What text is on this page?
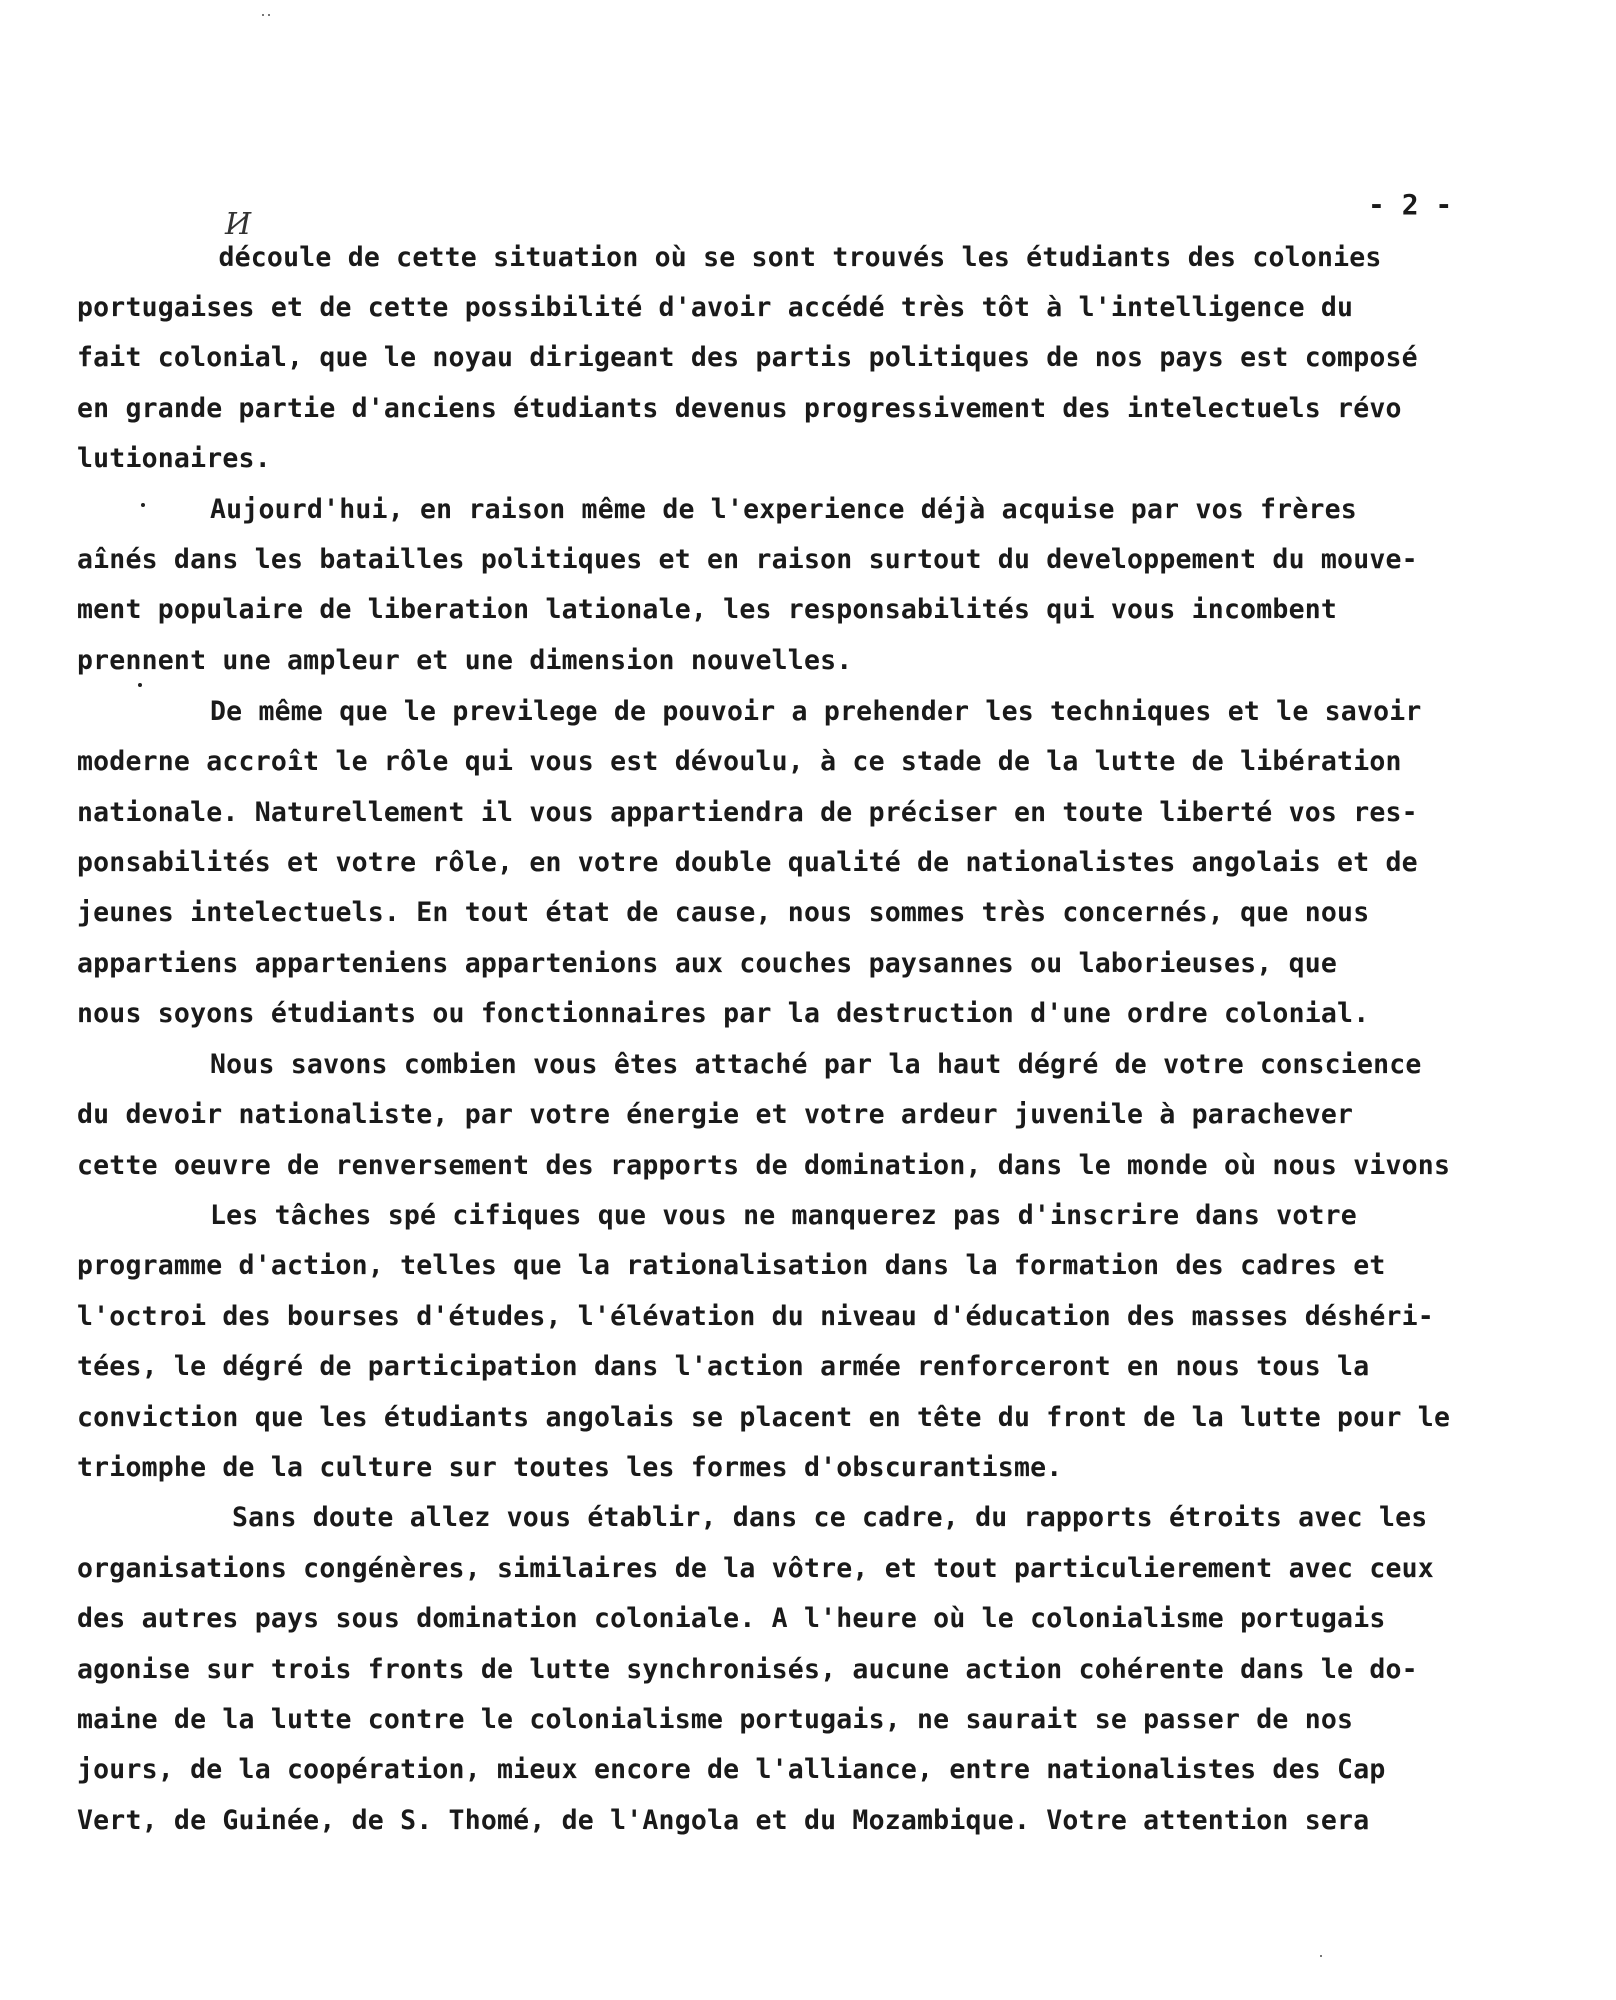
- 2 -
И
découle de cette situation où se sont trouvés les étudiants des colonies
portugaises et de cette possibilité d'avoir accédé très tôt à l'intelligence du
fait colonial, que le noyau dirigeant des partis politiques de nos pays est composé
en grande partie d'anciens étudiants devenus progressivement des intelectuels révo
lutionaires.
Aujourd'hui, en raison même de l'experience déjà acquise par vos frères
aînés dans les batailles politiques et en raison surtout du developpement du mouve-
ment populaire de liberation lationale, les responsabilités qui vous incombent
prennent une ampleur et une dimension nouvelles.
De même que le previlege de pouvoir a prehender les techniques et le savoir
moderne accroît le rôle qui vous est dévoulu, à ce stade de la lutte de libération
nationale. Naturellement il vous appartiendra de préciser en toute liberté vos res-
ponsabilités et votre rôle, en votre double qualité de nationalistes angolais et de
jeunes intelectuels. En tout état de cause, nous sommes très concernés, que nous
appartiens apparteniens appartenions aux couches paysannes ou laborieuses, que
nous soyons étudiants ou fonctionnaires par la destruction d'une ordre colonial.
Nous savons combien vous êtes attaché par la haut dégré de votre conscience
du devoir nationaliste, par votre énergie et votre ardeur juvenile à parachever
cette oeuvre de renversement des rapports de domination, dans le monde où nous vivons
Les tâches spé cifiques que vous ne manquerez pas d'inscrire dans votre
programme d'action, telles que la rationalisation dans la formation des cadres et
l'octroi des bourses d'études, l'élévation du niveau d'éducation des masses déshéri-
tées, le dégré de participation dans l'action armée renforceront en nous tous la
conviction que les étudiants angolais se placent en tête du front de la lutte pour le
triomphe de la culture sur toutes les formes d'obscurantisme.
Sans doute allez vous établir, dans ce cadre, du rapports étroits avec les
organisations congénères, similaires de la vôtre, et tout particulierement avec ceux
des autres pays sous domination coloniale. A l'heure où le colonialisme portugais
agonise sur trois fronts de lutte synchronisés, aucune action cohérente dans le do-
maine de la lutte contre le colonialisme portugais, ne saurait se passer de nos
jours, de la coopération, mieux encore de l'alliance, entre nationalistes des Cap
Vert, de Guinée, de S. Thomé, de l'Angola et du Mozambique. Votre attention sera
